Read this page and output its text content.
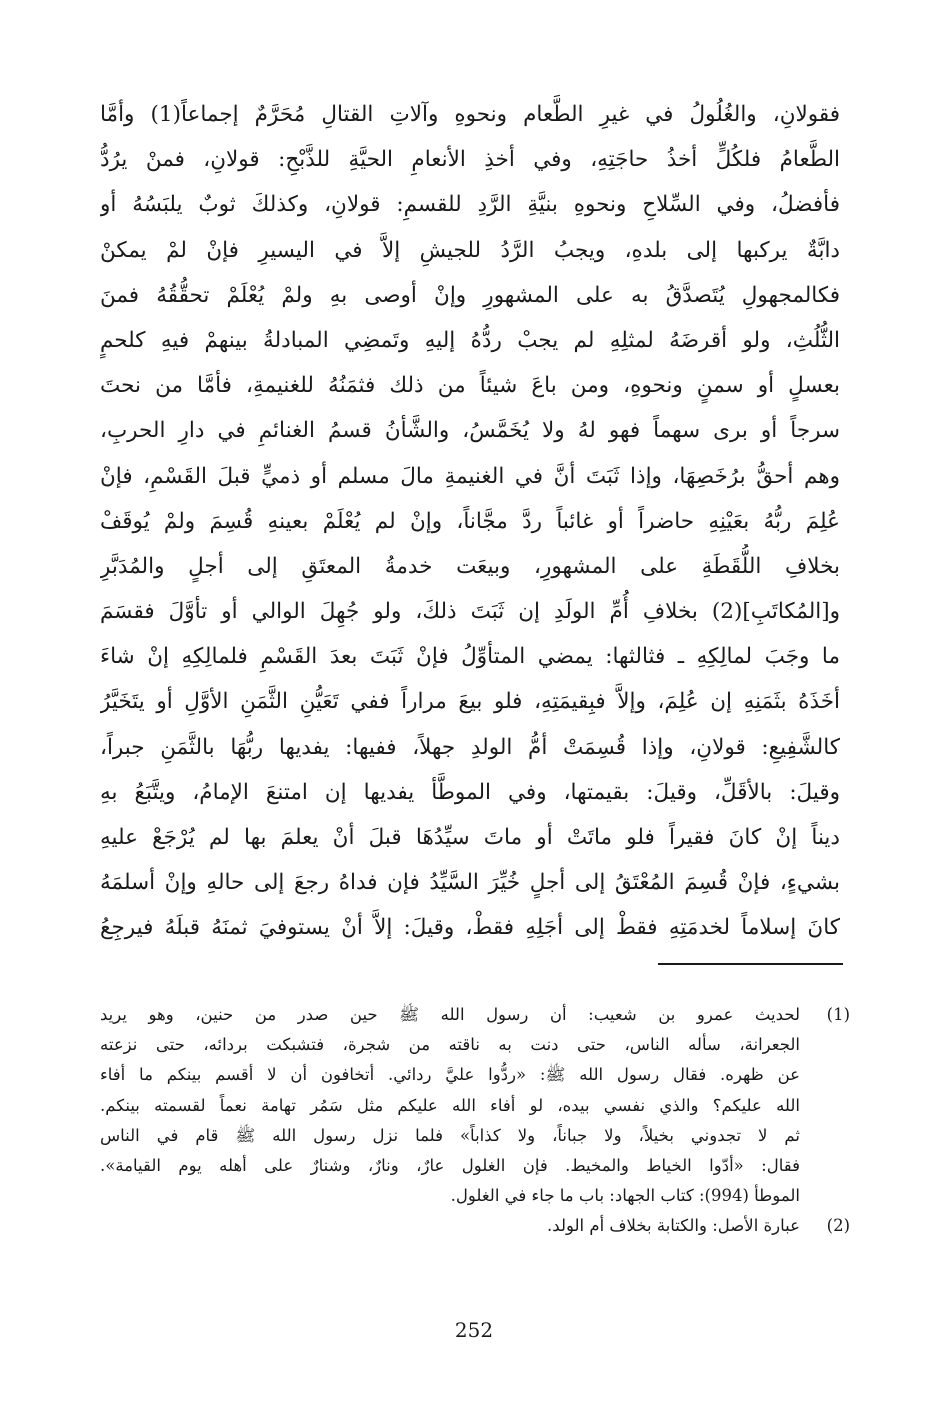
فقولانِ، والغُلُولُ في غيرِ الطَّعام ونحوهِ وآلاتِ القتالِ مُحَرَّمٌ إجماعاً(1) وأمَّا
الطَّعامُ فلكُلٍّ أخذُ حاجَتِهِ، وفي أخذِ الأنعامِ الحيَّةِ للذَّبْحِ: قولانِ، فمنْ يرُدُّ
فأفضلُ، وفي السِّلاحِ ونحوهِ بنيَّةِ الرَّدِ للقسمِ: قولانِ، وكذلكَ ثوبٌ يلبَسُهُ أو
دابَّةٌ يركبها إلى بلدهِ، ويجبُ الرَّدُ للجيشِ إلاَّ في اليسيرِ فإنْ لمْ يمكنْ
فكالمجهولِ يُتَصدَّقُ به على المشهورِ وإنْ أوصى بهِ ولمْ يُعْلَمْ تحقُّقُهُ فمنَ
الثُّلُثِ، ولو أقرضَهُ لمثلِهِ لم يجبْ ردُّهُ إليهِ وتَمضِي المبادلةُ بينهمْ فيهِ كلحمٍ
بعسلٍ أو سمنٍ ونحوهِ، ومن باعَ شيئاً من ذلك فثمَنُهُ للغنيمةِ، فأمَّا من نحتَ
سرجاً أو برى سهماً فهو لهُ ولا يُخَمَّسُ، والشَّأنُ قسمُ الغنائمِ في دارِ الحربِ،
وهم أحقُّ برُخَصِهَا، وإذا ثَبَتَ أنَّ في الغنيمةِ مالَ مسلم أو ذميٍّ قبلَ القَسْمِ، فإنْ
عُلِمَ ربُّهُ بعَيْنِهِ حاضراً أو غائباً ردَّ مجَّاناً، وإنْ لم يُعْلَمْ بعينهِ قُسِمَ ولمْ يُوقَفْ
بخلافِ اللُّقَطَةِ على المشهورِ، وبيعَت خدمةُ المعتَقِ إلى أجلٍ والمُدَبَّرِ
و[المُكاتَبِ](2) بخلافِ أُمِّ الولَدِ إن ثَبَتَ ذلكَ، ولو جُهِلَ الوالي أو تأوَّلَ فقسَمَ
ما وجَبَ لمالِكِهِ ـ فثالثها: يمضي المتأوِّلُ فإنْ ثَبَتَ بعدَ القَسْمِ فلمالِكِهِ إنْ شاءَ
أخَذَهُ بثَمَنِهِ إن عُلِمَ، وإلاَّ فبِقيمَتِهِ، فلو بيعَ مراراً ففي تَعَيُّنِ الثَّمَنِ الأوَّلِ أو يتَخَيَّرُ
كالشَّفِيعِ: قولانِ، وإذا قُسِمَتْ أمُّ الولدِ جهلاً، ففيها: يفديها ربُّهَا بالثَّمَنِ جبراً،
وقيلَ: بالأقَلِّ، وقيلَ: بقيمتها، وفي الموطَّأ يفديها إن امتنعَ الإمامُ، ويتَّبَعُ بهِ
ديناً إنْ كانَ فقيراً فلو ماتَتْ أو ماتَ سيِّدُهَا قبلَ أنْ يعلمَ بها لم يُرْجَعْ عليهِ
بشيءٍ، فإنْ قُسِمَ المُعْتَقُ إلى أجلٍ خُيِّرَ السَّيِّدُ فإن فداهُ رجعَ إلى حالهِ وإنْ أسلمَهُ
كانَ إسلاماً لخدمَتِهِ فقطْ إلى أجَلِهِ فقطْ، وقيلَ: إلاَّ أنْ يستوفيَ ثمنَهُ قبلَهُ فيرجِعُ
(1)
لحديث عمرو بن شعيب: أن رسول الله ﷺ حين صدر من حنين، وهو يريد
الجعرانة، سأله الناس، حتى دنت به ناقته من شجرة، فتشبكت بردائه، حتى نزعته
عن ظهره. فقال رسول الله ﷺ: «ردُّوا عليَّ ردائي. أتخافون أن لا أقسم بينكم ما أفاء
الله عليكم؟ والذي نفسي بيده، لو أفاء الله عليكم مثل سَمُر تهامة نعماً لقسمته بينكم.
ثم لا تجدوني بخيلاً، ولا جباناً، ولا كذاباً» فلما نزل رسول الله ﷺ قام في الناس
فقال: «أدّوا الخياط والمخيط. فإن الغلول عارٌ، ونارٌ، وشنارٌ على أهله يوم القيامة».
الموطأ (994): كتاب الجهاد: باب ما جاء في الغلول.
(2)
عبارة الأصل: والكتابة بخلاف أم الولد.
252
